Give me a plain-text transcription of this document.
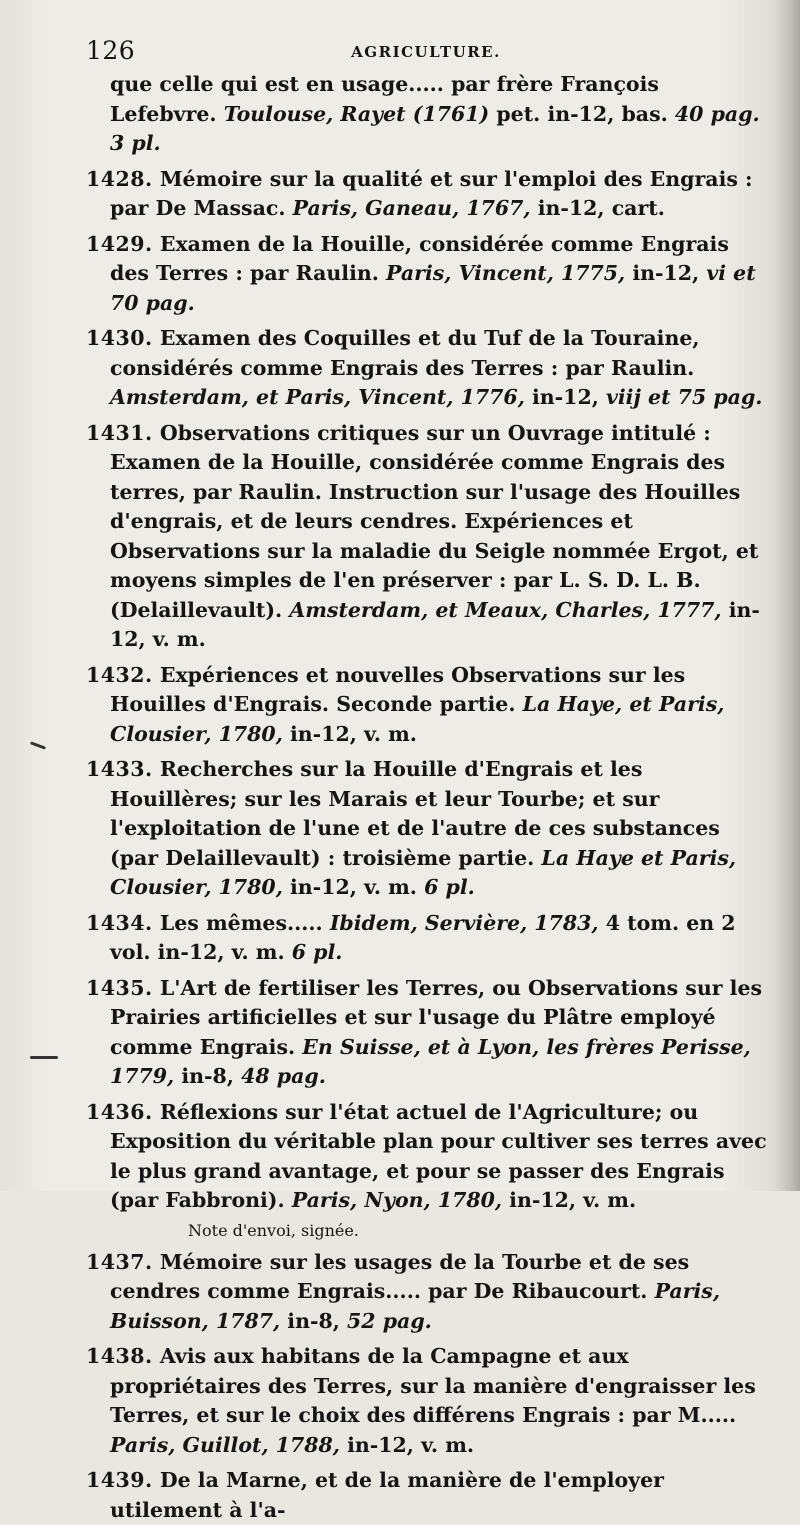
126	AGRICULTURE.

que celle qui est en usage..... par frère François Lefebvre. Toulouse, Rayet (1761) pet. in-12, bas. 40 pag. 3 pl.

1428. Mémoire sur la qualité et sur l'emploi des Engrais : par De Massac. Paris, Ganeau, 1767, in-12, cart.

1429. Examen de la Houille, considérée comme Engrais des Terres : par Raulin. Paris, Vincent, 1775, in-12, vi et 70 pag.

1430. Examen des Coquilles et du Tuf de la Touraine, considérés comme Engrais des Terres : par Raulin. Amsterdam, et Paris, Vincent, 1776, in-12, viij et 75 pag.

1431. Observations critiques sur un Ouvrage intitulé : Examen de la Houille, considérée comme Engrais des terres, par Raulin. Instruction sur l'usage des Houilles d'engrais, et de leurs cendres. Expériences et Observations sur la maladie du Seigle nommée Ergot, et moyens simples de l'en préserver : par L. S. D. L. B. (Delaillevault). Amsterdam, et Meaux, Charles, 1777, in-12, v. m.

1432. Expériences et nouvelles Observations sur les Houilles d'Engrais. Seconde partie. La Haye, et Paris, Clousier, 1780, in-12, v. m.

1433. Recherches sur la Houille d'Engrais et les Houillères; sur les Marais et leur Tourbe; et sur l'exploitation de l'une et de l'autre de ces substances (par Delaillevault) : troisième partie. La Haye et Paris, Clousier, 1780, in-12, v. m. 6 pl.

1434. Les mêmes..... Ibidem, Servière, 1783, 4 tom. en 2 vol. in-12, v. m. 6 pl.

1435. L'Art de fertiliser les Terres, ou Observations sur les Prairies artificielles et sur l'usage du Plâtre employé comme Engrais. En Suisse, et à Lyon, les frères Perisse, 1779, in-8, 48 pag.

1436. Réflexions sur l'état actuel de l'Agriculture; ou Exposition du véritable plan pour cultiver ses terres avec le plus grand avantage, et pour se passer des Engrais (par Fabbroni). Paris, Nyon, 1780, in-12, v. m.

Note d'envoi, signée.

1437. Mémoire sur les usages de la Tourbe et de ses cendres comme Engrais..... par De Ribaucourt. Paris, Buisson, 1787, in-8, 52 pag.

1438. Avis aux habitans de la Campagne et aux propriétaires des Terres, sur la manière d'engraisser les Terres, et sur le choix des différens Engrais : par M..... Paris, Guillot, 1788, in-12, v. m.

1439. De la Marne, et de la manière de l'employer utilement à l'a-
